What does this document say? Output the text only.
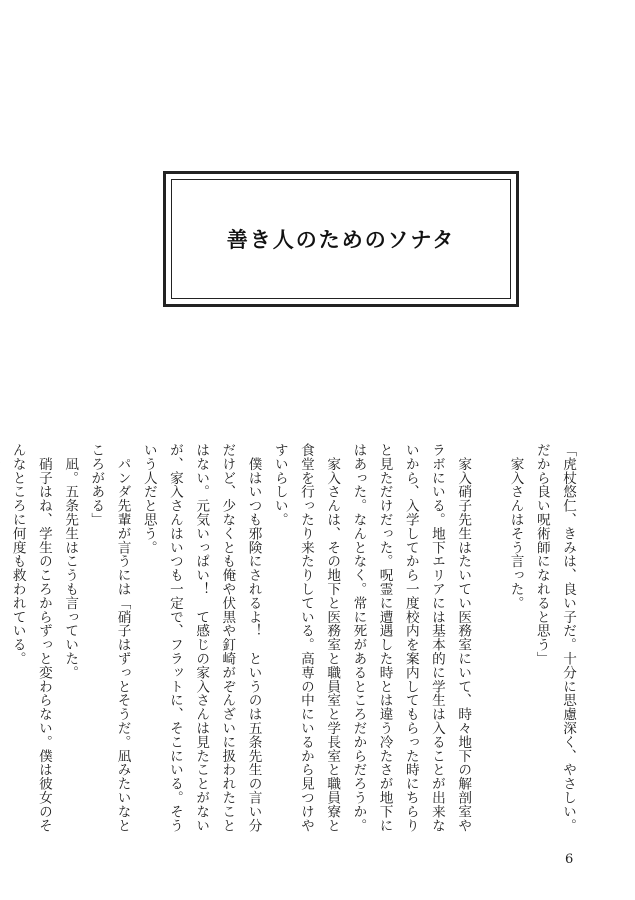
善き人のためのソナタ
「虎杖悠仁、きみは、良い子だ。十分に思慮深く、やさしい。
だから良い呪術師になれると思う」
　家入さんはそう言った。

　家入硝子先生はたいてい医務室にいて、時々地下の解剖室や
ラボにいる。地下エリアには基本的に学生は入ることが出来な
いから、入学してから一度校内を案内してもらった時にちらり
と見ただけだった。呪霊に遭遇した時とは違う冷たさが地下に
はあった。なんとなく。常に死があるところだからだろうか。
　家入さんは、その地下と医務室と職員室と学長室と職員寮と
食堂を行ったり来たりしている。高専の中にいるから見つけや
すいらしい。
　僕はいつも邪険にされるよ！　というのは五条先生の言い分
だけど、少なくとも俺や伏黒や釘崎がぞんざいに扱われたこと
はない。元気いっぱい！　て感じの家入さんは見たことがない
が、家入さんはいつも一定で、フラットに、そこにいる。そう
いう人だと思う。
　パンダ先輩が言うには「硝子はずっとそうだ。凪みたいなと
ころがある」
　凪。五条先生はこうも言っていた。
　硝子はね、学生のころからずっと変わらない。僕は彼女のそ
んなところに何度も救われている。
6
